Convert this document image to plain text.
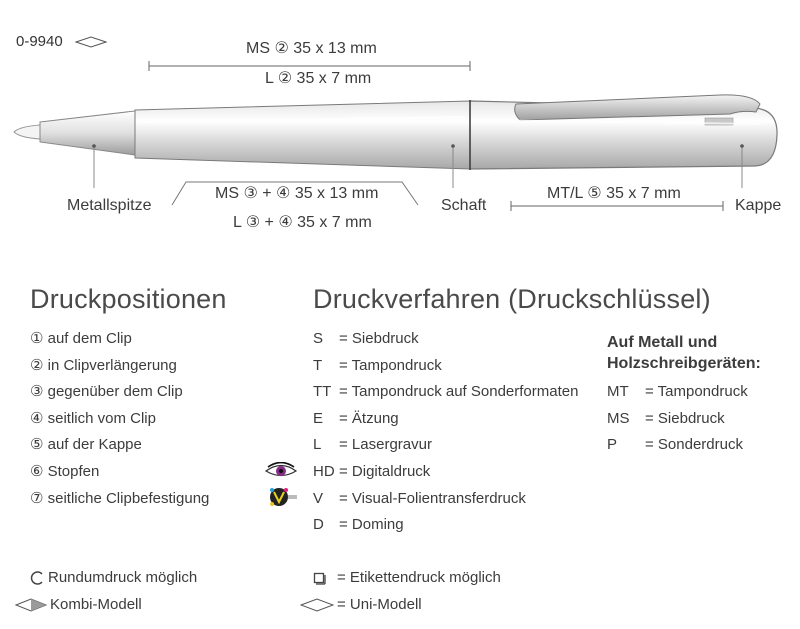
0-9940	MS ② 35 x 13 mm
L ② 35 x 7 mm
Metallspitze
MS ③ + ④ 35 x 13 mm
L ③ + ④ 35 x 7 mm
Schaft
MT/L ⑤ 35 x 7 mm
Kappe
Druckpositionen
① auf dem Clip
② in Clipverlängerung
③ gegenüber dem Clip
④ seitlich vom Clip
⑤ auf der Kappe
⑥ Stopfen
⑦ seitliche Clipbefestigung
Druckverfahren (Druckschlüssel)
S = Siebdruck
T = Tampondruck
TT = Tampondruck auf Sonderformaten
E = Ätzung
L = Lasergravur
HD = Digitaldruck
V = Visual-Folientransferdruck
D = Doming
Auf Metall und
Holzschreibgeräten:
MT = Tampondruck
MS = Siebdruck
P = Sonderdruck
Rundumdruck möglich
Kombi-Modell
= Etikettendruck möglich
= Uni-Modell
